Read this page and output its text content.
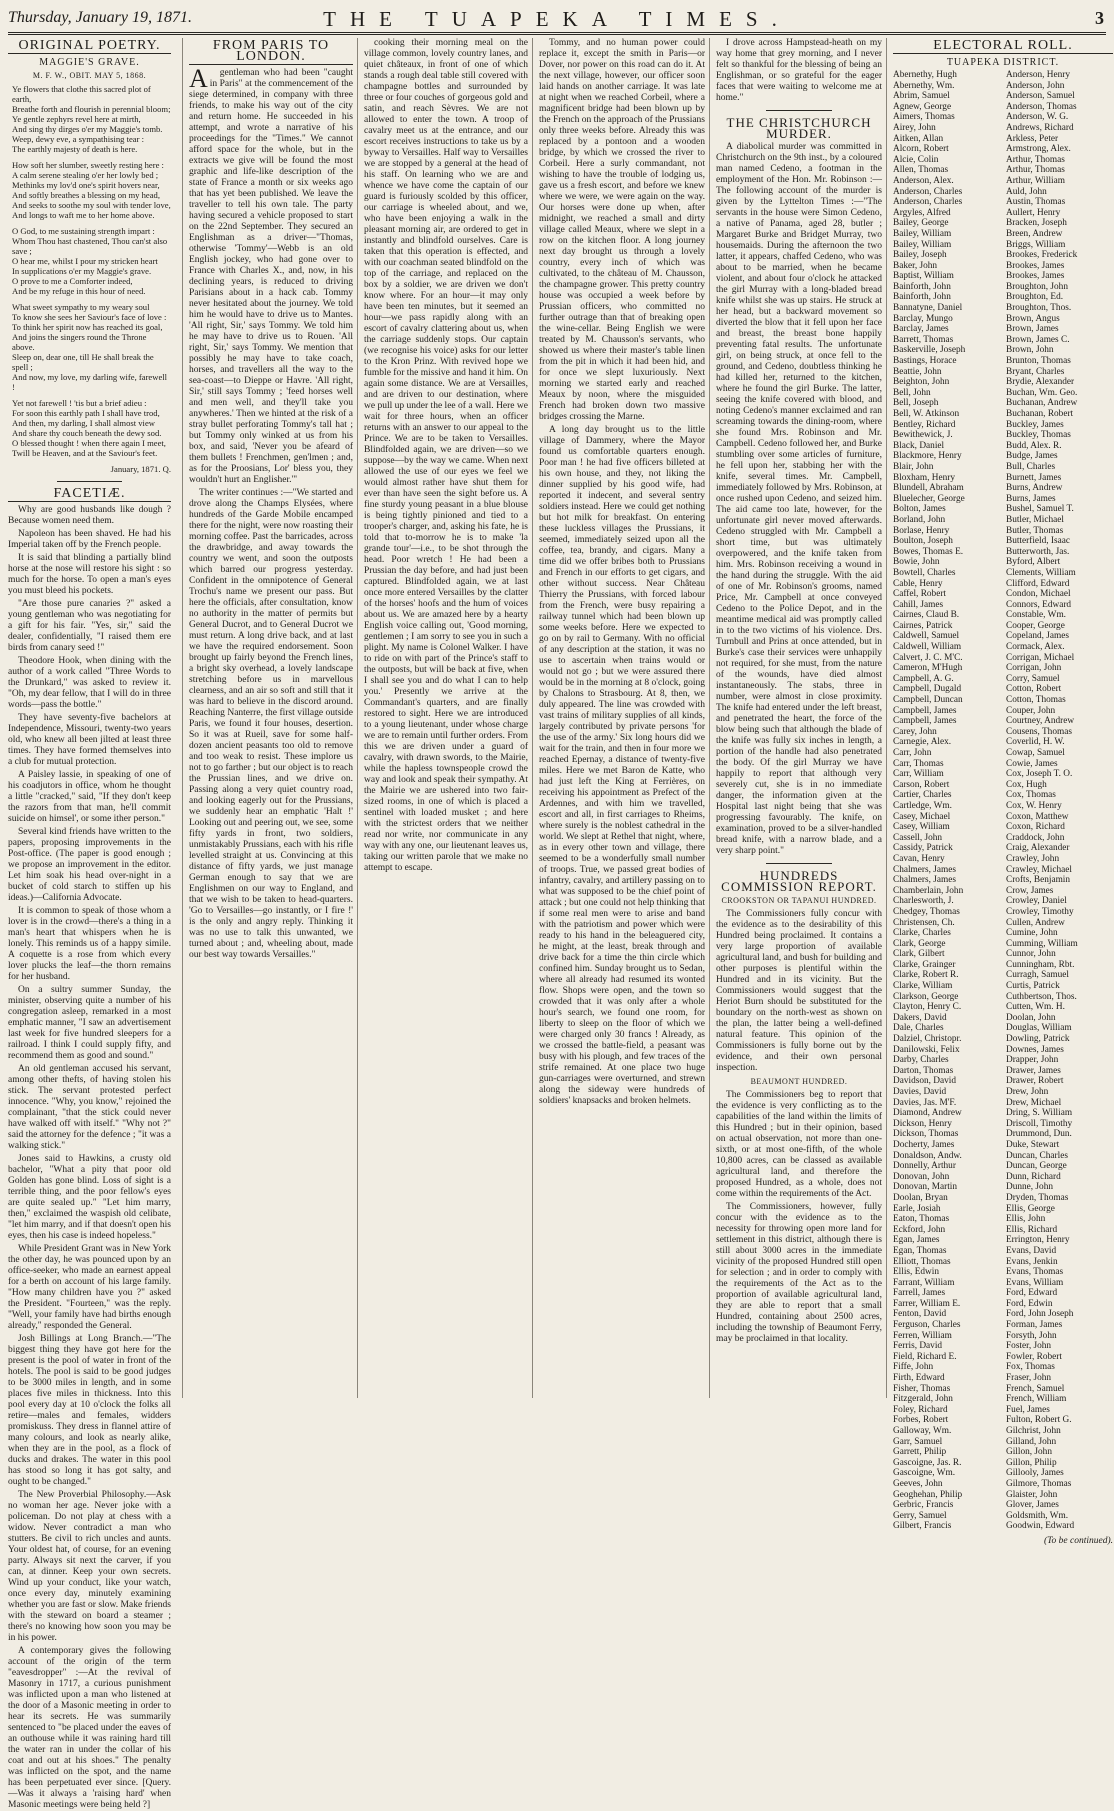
Thursday, January 19, 1871.	THE TUAPEKA TIMES.	3
ORIGINAL POETRY.
MAGGIE'S GRAVE.
M. F. W., OBIT. MAY 5, 1868.
Ye flowers that clothe this sacred plot of earth,
Breathe forth and flourish in perennial bloom;
Ye gentle zephyrs revel here at mirth,
And sing thy dirges o'er my Maggie's tomb.
Weep, dewy eve, a sympathising tear :
The earthly majesty of death is here.
How soft her slumber, sweetly resting here :
A calm serene stealing o'er her lowly bed ;
Methinks my lov'd one's spirit hovers near,
And softly breathes a blessing on my head,
And seeks to soothe my soul with tender love,
And longs to waft me to her home above.
O God, to me sustaining strength impart :
Whom Thou hast chastened, Thou can'st also save ;
O hear me, whilst I pour my stricken heart
In supplications o'er my Maggie's grave.
O prove to me a Comforter indeed,
And be my refuge in this hour of need.
What sweet sympathy to my weary soul
To know she sees her Saviour's face of love :
To think her spirit now has reached its goal,
And joins the singers round the Throne above.
Sleep on, dear one, till He shall break the spell ;
And now, my love, my darling wife, farewell !
Yet not farewell ! 'tis but a brief adieu :
For soon this earthly path I shall have trod,
And then, my darling, I shall almost view
And share thy couch beneath the dewy sod.
O blessed thought ! when there again I meet,
Twill be Heaven, and at the Saviour's feet.
January, 1871. Q.
FACETIÆ.

Why are good husbands like dough ? Because women need them.

Napoleon has been shaved. He had his Imperial taken off by the French people.

It is said that blinding a partially blind horse at the nose will restore his sight : so much for the horse. To open a man's eyes you must bleed his pockets.

"Are those pure canaries ?" asked a young gentleman who was negotiating for a gift for his fair. "Yes, sir," said the dealer, confidentially, "I raised them ere birds from canary seed !"

Theodore Hook, when dining with the author of a work called "Three Words to the Drunkard," was asked to review it. "Oh, my dear fellow, that I will do in three words—pass the bottle."

They have seventy-five bachelors at Independence, Missouri, twenty-two years old, who knew all been jilted at least three times. They have formed themselves into a club for mutual protection.

A Paisley lassie, in speaking of one of his coadjutors in office, whom he thought a little "cracked," said, "If they don't keep the razors from that man, he'll commit suicide on himsel', or some ither person."

Several kind friends have written to the papers, proposing improvements in the Post-office. (The paper is good enough ; we propose an improvement in the editor. Let him soak his head over-night in a bucket of cold starch to stiffen up his ideas.)—California Advocate.

It is common to speak of those whom a lover is in the crowd—there's a thing in a man's heart that whispers when he is lonely. This reminds us of a happy simile. A coquette is a rose from which every lover plucks the leaf—the thorn remains for her husband.

On a sultry summer Sunday, the minister, observing quite a number of his congregation asleep, remarked in a most emphatic manner, "I saw an advertisement last week for five hundred sleepers for a railroad. I think I could supply fifty, and recommend them as good and sound."

An old gentleman accused his servant, among other thefts, of having stolen his stick. The servant protested perfect innocence. "Why, you know," rejoined the complainant, "that the stick could never have walked off with itself." "Why not ?" said the attorney for the defence ; "it was a walking stick."

Jones said to Hawkins, a crusty old bachelor, "What a pity that poor old Golden has gone blind. Loss of sight is a terrible thing, and the poor fellow's eyes are quite sealed up." "Let him marry, then," exclaimed the waspish old celibate, "let him marry, and if that doesn't open his eyes, then his case is indeed hopeless."

While President Grant was in New York the other day, he was pounced upon by an office-seeker, who made an earnest appeal for a berth on account of his large family. "How many children have you ?" asked the President. "Fourteen," was the reply. "Well, your family have had births enough already," responded the General.

Josh Billings at Long Branch.—"The biggest thing they have got here for the present is the pool of water in front of the hotels. The pool is said to be good judges to be 3000 miles in length, and in some places five miles in thickness. Into this pool every day at 10 o'clock the folks all retire—males and females, widders promiskuss. They dress in flannel attire of many colours, and look as nearly alike, when they are in the pool, as a flock of ducks and drakes. The water in this pool has stood so long it has got salty, and ought to be changed."

The New Proverbial Philosophy.—Ask no woman her age. Never joke with a policeman. Do not play at chess with a widow. Never contradict a man who stutters. Be civil to rich uncles and aunts. Your oldest hat, of course, for an evening party. Always sit next the carver, if you can, at dinner. Keep your own secrets. Wind up your conduct, like your watch, once every day, minutely examining whether you are fast or slow. Make friends with the steward on board a steamer ; there's no knowing how soon you may be in his power.

A contemporary gives the following account of the origin of the term "eavesdropper" :—At the revival of Masonry in 1717, a curious punishment was inflicted upon a man who listened at the door of a Masonic meeting in order to hear its secrets. He was summarily sentenced to "be placed under the eaves of an outhouse while it was raining hard till the water ran in under the collar of his coat and out at his shoes." The penalty was inflicted on the spot, and the name has been perpetuated ever since. [Query.—Was it always a 'raising hard' when Masonic meetings were being held ?]

FROM PARIS TO LONDON.
A	gentleman who had been "caught in Paris" at the commencement of the siege determined, in company with three friends, to make his way out of the city and return home. He succeeded in his attempt, and wrote a narrative of his proceedings for the "Times." We cannot afford space for the whole, but in the extracts we give will be found the most graphic and life-like description of the state of France a month or six weeks ago that has yet been published. We leave the traveller to tell his own tale. The party having secured a vehicle proposed to start on the 22nd September. They secured an Englishman as a driver—"Thomas, otherwise 'Tommy'—Webb is an old English jockey, who had gone over to France with Charles X., and, now, in his declining years, is reduced to driving Parisians about in a hack cab. Tommy never hesitated about the journey. We told him he would have to drive us to Mantes. 'All right, Sir,' says Tommy. We told him he may have to drive us to Rouen. 'All right, Sir,' says Tommy. We mention that possibly he may have to take coach, horses, and travellers all the way to the sea-coast—to Dieppe or Havre. 'All right, Sir,' still says Tommy ; 'feed horses well and men well, and they'll take you anywheres.' Then we hinted at the risk of a stray bullet perforating Tommy's tall hat ; but Tommy only winked at us from his box, and said, 'Never you be afeard of them bullets ! Frenchmen, gen'lmen ; and, as for the Proosians, Lor' bless you, they wouldn't hurt an Englisher.'"

The writer continues :—"We started and drove along the Champs Elysées, where hundreds of the Garde Mobile encamped there for the night, were now roasting their morning coffee. Past the barricades, across the drawbridge, and away towards the country we went, and soon the outposts which barred our progress yesterday. Confident in the omnipotence of General Trochu's name we present our pass. But here the officials, after consultation, know no authority in the matter of permits but General Ducrot, and to General Ducrot we must return. A long drive back, and at last we have the required endorsement. Soon brought up fairly beyond the French lines, a bright sky overhead, a lovely landscape stretching before us in marvellous clearness, and an air so soft and still that it was hard to believe in the discord around. Reaching Nanterre, the first village outside Paris, we found it four houses, desertion. So it was at Rueil, save for some half-dozen ancient peasants too old to remove and too weak to resist. These implore us not to go farther ; but our object is to reach the Prussian lines, and we drive on. Passing along a very quiet country road, and looking eagerly out for the Prussians, we suddenly hear an emphatic 'Halt !' Looking out and peering out, we see, some fifty yards in front, two soldiers, unmistakably Prussians, each with his rifle levelled straight at us. Convincing at this distance of fifty yards, we just manage German enough to say that we are Englishmen on our way to England, and that we wish to be taken to head-quarters. 'Go to Versailles—go instantly, or I fire !' is the only and angry reply. Thinking it was no use to talk this unwanted, we turned about ; and, wheeling about, made our best way towards Versailles."

cooking their morning meal on the village common, lovely country lanes, and quiet châteaux, in front of one of which stands a rough deal table still covered with champagne bottles and surrounded by three or four couches of gorgeous gold and satin, and reach Sèvres. We are not allowed to enter the town. A troop of cavalry meet us at the entrance, and our escort receives instructions to take us by a byway to Versailles. Half way to Versailles we are stopped by a general at the head of his staff. On learning who we are and whence we have come the captain of our guard is furiously scolded by this officer, our carriage is wheeled about, and we, who have been enjoying a walk in the pleasant morning air, are ordered to get in instantly and blindfold ourselves. Care is taken that this operation is effected, and with our coachman seated blindfold on the top of the carriage, and replaced on the box by a soldier, we are driven we don't know where. For an hour—it may only have been ten minutes, but it seemed an hour—we pass rapidly along with an escort of cavalry clattering about us, when the carriage suddenly stops. Our captain (we recognise his voice) asks for our letter to the Kron Prinz. With revived hope we fumble for the missive and hand it him. On again some distance. We are at Versailles, and are driven to our destination, where we pull up under the lee of a wall. Here we wait for three hours, when an officer returns with an answer to our appeal to the Prince. We are to be taken to Versailles. Blindfolded again, we are driven—so we suppose—by the way we came. When next allowed the use of our eyes we feel we would almost rather have shut them for ever than have seen the sight before us. A fine sturdy young peasant in a blue blouse is being tightly pinioned and tied to a trooper's charger, and, asking his fate, he is told that to-morrow he is to make 'la grande tour'—i.e., to be shot through the head. Poor wretch ! He had been a Prussian the day before, and had just been captured. Blindfolded again, we at last once more entered Versailles by the clatter of the horses' hoofs and the hum of voices about us. We are amazed here by a hearty English voice calling out, 'Good morning, gentlemen ; I am sorry to see you in such a plight. My name is Colonel Walker. I have to ride on with part of the Prince's staff to the outposts, but will be back at five, when I shall see you and do what I can to help you.' Presently we arrive at the Commandant's quarters, and are finally restored to sight. Here we are introduced to a young lieutenant, under whose charge we are to remain until further orders. From this we are driven under a guard of cavalry, with drawn swords, to the Mairie, while the hapless townspeople crowd the way and look and speak their sympathy. At the Mairie we are ushered into two fair-sized rooms, in one of which is placed a sentinel with loaded musket ; and here with the strictest orders that we neither read nor write, nor communicate in any way with any one, our lieutenant leaves us, taking our written parole that we make no attempt to escape.

Tommy, and no human power could replace it, except the smith in Paris—or Dover, nor power on this road can do it. At the next village, however, our officer soon laid hands on another carriage. It was late at night when we reached Corbeil, where a magnificent bridge had been blown up by the French on the approach of the Prussians only three weeks before. Already this was replaced by a pontoon and a wooden bridge, by which we crossed the river to Corbeil. Here a surly commandant, not wishing to have the trouble of lodging us, gave us a fresh escort, and before we knew where we were, we were again on the way. Our horses were done up when, after midnight, we reached a small and dirty village called Meaux, where we slept in a row on the kitchen floor. A long journey next day brought us through a lovely country, every inch of which was cultivated, to the château of M. Chausson, the champagne grower. This pretty country house was occupied a week before by Prussian officers, who committed no further outrage than that of breaking open the wine-cellar. Being English we were treated by M. Chausson's servants, who showed us where their master's table linen from the pit in which it had been hid, and for once we slept luxuriously. Next morning we started early and reached Meaux by noon, where the misguided French had broken down two massive bridges crossing the Marne.

A long day brought us to the little village of Dammery, where the Mayor found us comfortable quarters enough. Poor man ! he had five officers billeted at his own house, and they, not liking the dinner supplied by his good wife, had reported it indecent, and several sentry soldiers instead. Here we could get nothing but hot milk for breakfast. On entering these luckless villages the Prussians, it seemed, immediately seized upon all the coffee, tea, brandy, and cigars. Many a time did we offer bribes both to Prussians and French in our efforts to get cigars, and other without success. Near Château Thierry the Prussians, with forced labour from the French, were busy repairing a railway tunnel which had been blown up some weeks before. Here we expected to go on by rail to Germany. With no official of any description at the station, it was no use to ascertain when trains would or would not go ; but we were assured there would be in the morning at 8 o'clock, going by Chalons to Strasbourg. At 8, then, we duly appeared. The line was crowded with vast trains of military supplies of all kinds, largely contributed by private persons 'for the use of the army.' Six long hours did we wait for the train, and then in four more we reached Epernay, a distance of twenty-five miles. Here we met Baron de Katte, who had just left the King at Ferrières, on receiving his appointment as Prefect of the Ardennes, and with him we travelled, escort and all, in first carriages to Rheims, where surely is the noblest cathedral in the world. We slept at Rethel that night, where, as in every other town and village, there seemed to be a wonderfully small number of troops. True, we passed great bodies of infantry, cavalry, and artillery passing on to what was supposed to be the chief point of attack ; but one could not help thinking that if some real men were to arise and band with the patriotism and power which were ready to his hand in the beleaguered city, he might, at the least, break through and drive back for a time the thin circle which confined him. Sunday brought us to Sedan, where all already had resumed its wonted flow. Shops were open, and the town so crowded that it was only after a whole hour's search, we found one room, for liberty to sleep on the floor of which we were charged only 30 francs ! Already, as we crossed the battle-field, a peasant was busy with his plough, and few traces of the strife remained. At one place two huge gun-carriages were overturned, and strewn along the sideway were hundreds of soldiers' knapsacks and broken helmets.

I drove across Hampstead-heath on my way home that grey morning, and I never felt so thankful for the blessing of being an Englishman, or so grateful for the eager faces that were waiting to welcome me at home."

THE CHRISTCHURCH MURDER.

A diabolical murder was committed in Christchurch on the 9th inst., by a coloured man named Cedeno, a footman in the employment of the Hon. Mr. Robinson :—The following account of the murder is given by the Lyttelton Times :—"The servants in the house were Simon Cedeno, a native of Panama, aged 28, butler ; Margaret Burke and Bridget Murray, two housemaids. During the afternoon the two latter, it appears, chaffed Cedeno, who was about to be married, when he became violent, and about four o'clock he attacked the girl Murray with a long-bladed bread knife whilst she was up stairs. He struck at her head, but a backward movement so diverted the blow that it fell upon her face and breast, the breast bone happily preventing fatal results. The unfortunate girl, on being struck, at once fell to the ground, and Cedeno, doubtless thinking he had killed her, returned to the kitchen, where he found the girl Burke. The latter, seeing the knife covered with blood, and noting Cedeno's manner exclaimed and ran screaming towards the dining-room, where she found Mrs. Robinson and Mr. Campbell. Cedeno followed her, and Burke stumbling over some articles of furniture, he fell upon her, stabbing her with the knife, several times. Mr. Campbell, immediately followed by Mrs. Robinson, at once rushed upon Cedeno, and seized him. The aid came too late, however, for the unfortunate girl never moved afterwards. Cedeno struggled with Mr. Campbell a short time, but was ultimately overpowered, and the knife taken from him. Mrs. Robinson receiving a wound in the hand during the struggle. With the aid of one of Mr. Robinson's grooms, named Price, Mr. Campbell at once conveyed Cedeno to the Police Depot, and in the meantime medical aid was promptly called in to the two victims of his violence. Drs. Turnbull and Prins at once attended, but in Burke's case their services were unhappily not required, for she must, from the nature of the wounds, have died almost instantaneously. The stabs, three in number, were almost in close proximity. The knife had entered under the left breast, and penetrated the heart, the force of the blow being such that although the blade of the knife was fully six inches in length, a portion of the handle had also penetrated the body. Of the girl Murray we have happily to report that although very severely cut, she is in no immediate danger, the information given at the Hospital last night being that she was progressing favourably. The knife, on examination, proved to be a silver-handled bread knife, with a narrow blade, and a very sharp point."

HUNDREDS COMMISSION REPORT.
CROOKSTON OR TAPANUI HUNDRED.

The Commissioners fully concur with the evidence as to the desirability of this Hundred being proclaimed. It contains a very large proportion of available agricultural land, and bush for building and other purposes is plentiful within the Hundred and in its vicinity. But the Commissioners would suggest that the Heriot Burn should be substituted for the boundary on the north-west as shown on the plan, the latter being a well-defined natural feature. This opinion of the Commissioners is fully borne out by the evidence, and their own personal inspection.

BEAUMONT HUNDRED.

The Commissioners beg to report that the evidence is very conflicting as to the capabilities of the land within the limits of this Hundred ; but in their opinion, based on actual observation, not more than one-sixth, or at most one-fifth, of the whole 10,800 acres, can be classed as available agricultural land, and therefore the proposed Hundred, as a whole, does not come within the requirements of the Act.

The Commissioners, however, fully concur with the evidence as to the necessity for throwing open more land for settlement in this district, although there is still about 3000 acres in the immediate vicinity of the proposed Hundred still open for selection ; and in order to comply with the requirements of the Act as to the proportion of available agricultural land, they are able to report that a small Hundred, containing about 2500 acres, including the township of Beaumont Ferry, may be proclaimed in that locality.

ELECTORAL ROLL.
TUAPEKA DISTRICT.
Abernethy, Hugh
Abernethy, Wm.
Abrim, Samuel
Agnew, George
Aimers, Thomas
Airey, John
Aitken, Allan
Alcorn, Robert
Alcie, Colin
Allen, Thomas
Anderson, Alex.
Anderson, Charles
Anderson, Charles
Argyles, Alfred
Bailey, George
Bailey, William
Bailey, William
Bailey, Joseph
Baker, John
Baptist, William
Bainforth, John
Bainforth, John
Bannatyne, Daniel
Barclay, Mungo
Barclay, James
Barrett, Thomas
Baskerville, Joseph
Bastings, Horace
Beattie, John
Beighton, John
Bell, John
Bell, Joseph
Bell, W. Atkinson
Bentley, Richard
Bewithewick, J.
Black, Daniel
Blackmore, Henry
Blair, John
Bloxham, Henry
Blundell, Abraham
Bluelecher, George
Bolton, James
Borland, John
Borlase, Henry
Boulton, Joseph
Bowes, Thomas E.
Bowie, John
Bowtell, Charles
Cable, Henry
Caffel, Robert
Cahill, James
Cairnes, Claud B.
Cairnes, Patrick
Caldwell, Samuel
Caldwell, William
Calvert, J. C. M'C.
Cameron, M'Hugh
Campbell, A. G.
Campbell, Dugald
Campbell, Duncan
Campbell, James
Campbell, James
Carey, John
Carnegie, Alex.
Carr, John
Carr, Thomas
Carr, William
Carson, Robert
Cartier, Charles
Cartledge, Wm.
Casey, Michael
Casey, William
Cassell, John
Cassidy, Patrick
Cavan, Henry
Chalmers, James
Chalmers, James
Chamberlain, John
Charlesworth, J.
Chedgey, Thomas
Christensen, Ch.
Clarke, Charles
Clark, George
Clark, Gilbert
Clarke, Grainger
Clarke, Robert R.
Clarke, William
Clarkson, George
Clayton, Henry C.
Dakers, David
Dale, Charles
Dalziel, Christopr.
Danilowski, Felix
Darby, Charles
Darton, Thomas
Davidson, David
Davies, David
Davies, Jas. M'F.
Diamond, Andrew
Dickson, Henry
Dickson, Thomas
Docherty, James
Donaldson, Andw.
Donnelly, Arthur
Donovan, John
Donovan, Martin
Doolan, Bryan
Earle, Josiah
Eaton, Thomas
Eckford, John
Egan, James
Egan, Thomas
Elliott, Thomas
Ellis, Edwin
Farrant, William
Farrell, James
Farrer, William E.
Fenton, David
Ferguson, Charles
Ferren, William
Ferris, David
Field, Richard E.
Fiffe, John
Firth, Edward
Fisher, Thomas
Fitzgerald, John
Foley, Richard
Forbes, Robert
Galloway, Wm.
Garr, Samuel
Garrett, Philip
Gascoigne, Jas. R.
Gascoigne, Wm.
Geeves, John
Geoghehan, Philip
Gerbric, Francis
Gerry, Samuel
Gilbert, Francis
Anderson, Henry
Anderson, John
Anderson, Samuel
Anderson, Thomas
Anderson, W. G.
Andrews, Richard
Arkless, Peter
Armstrong, Alex.
Arthur, Thomas
Arthur, Thomas
Arthur, William
Auld, John
Austin, Thomas
Aullert, Henry
Bracken, Joseph
Breen, Andrew
Briggs, William
Brookes, Frederick
Brookes, James
Brookes, James
Broughton, John
Broughton, Ed.
Broughton, Thos.
Brown, Angus
Brown, James
Brown, James C.
Brown, John
Brunton, Thomas
Bryant, Charles
Brydie, Alexander
Buchan, Wm. Geo.
Buchanan, Andrew
Buchanan, Robert
Buckley, James
Buckley, Thomas
Budd, Alex. R.
Budge, James
Bull, Charles
Burnett, James
Burns, Andrew
Burns, James
Bushel, Samuel T.
Butler, Michael
Butler, Thomas
Butterfield, Isaac
Butterworth, Jas.
Byford, Albert
Clements, William
Clifford, Edward
Condon, Michael
Connors, Edward
Constable, Wm.
Cooper, George
Copeland, James
Cormack, Alex.
Corrigan, Michael
Corrigan, John
Corry, Samuel
Cotton, Robert
Cotton, Thomas
Couper, John
Courtney, Andrew
Cousens, Thomas
Coverlid, H. W.
Cowap, Samuel
Cowie, James
Cox, Joseph T. O.
Cox, Hugh
Cox, Thomas
Cox, W. Henry
Coxon, Matthew
Coxon, Richard
Craddock, John
Craig, Alexander
Crawley, John
Crawley, Michael
Crofts, Benjamin
Crow, James
Crowley, Daniel
Crowley, Timothy
Cullen, Andrew
Cumine, John
Cumming, William
Cunnor, John
Cunningham, Rbt.
Curragh, Samuel
Curtis, Patrick
Cuthbertson, Thos.
Cutten, Wm. H.
Doolan, John
Douglas, William
Dowling, Patrick
Downes, James
Drapper, John
Drawer, James
Drawer, Robert
Drew, John
Drew, Michael
Dring, S. William
Driscoll, Timothy
Drummond, Dun.
Duke, Stewart
Duncan, Charles
Duncan, George
Dunn, Richard
Dunne, John
Dryden, Thomas
Ellis, George
Ellis, John
Ellis, Richard
Errington, Henry
Evans, David
Evans, Jenkin
Evans, Thomas
Evans, William
Ford, Edward
Ford, Edwin
Ford, John Joseph
Forman, James
Forsyth, John
Foster, John
Fowler, Robert
Fox, Thomas
Fraser, John
French, Samuel
French, William
Fuel, James
Fulton, Robert G.
Gilchrist, John
Gilland, John
Gillon, John
Gillon, Philip
Gillooly, James
Gilmore, Thomas
Glaister, John
Glover, James
Goldsmith, Wm.
Goodwin, Edward
(To be continued).
